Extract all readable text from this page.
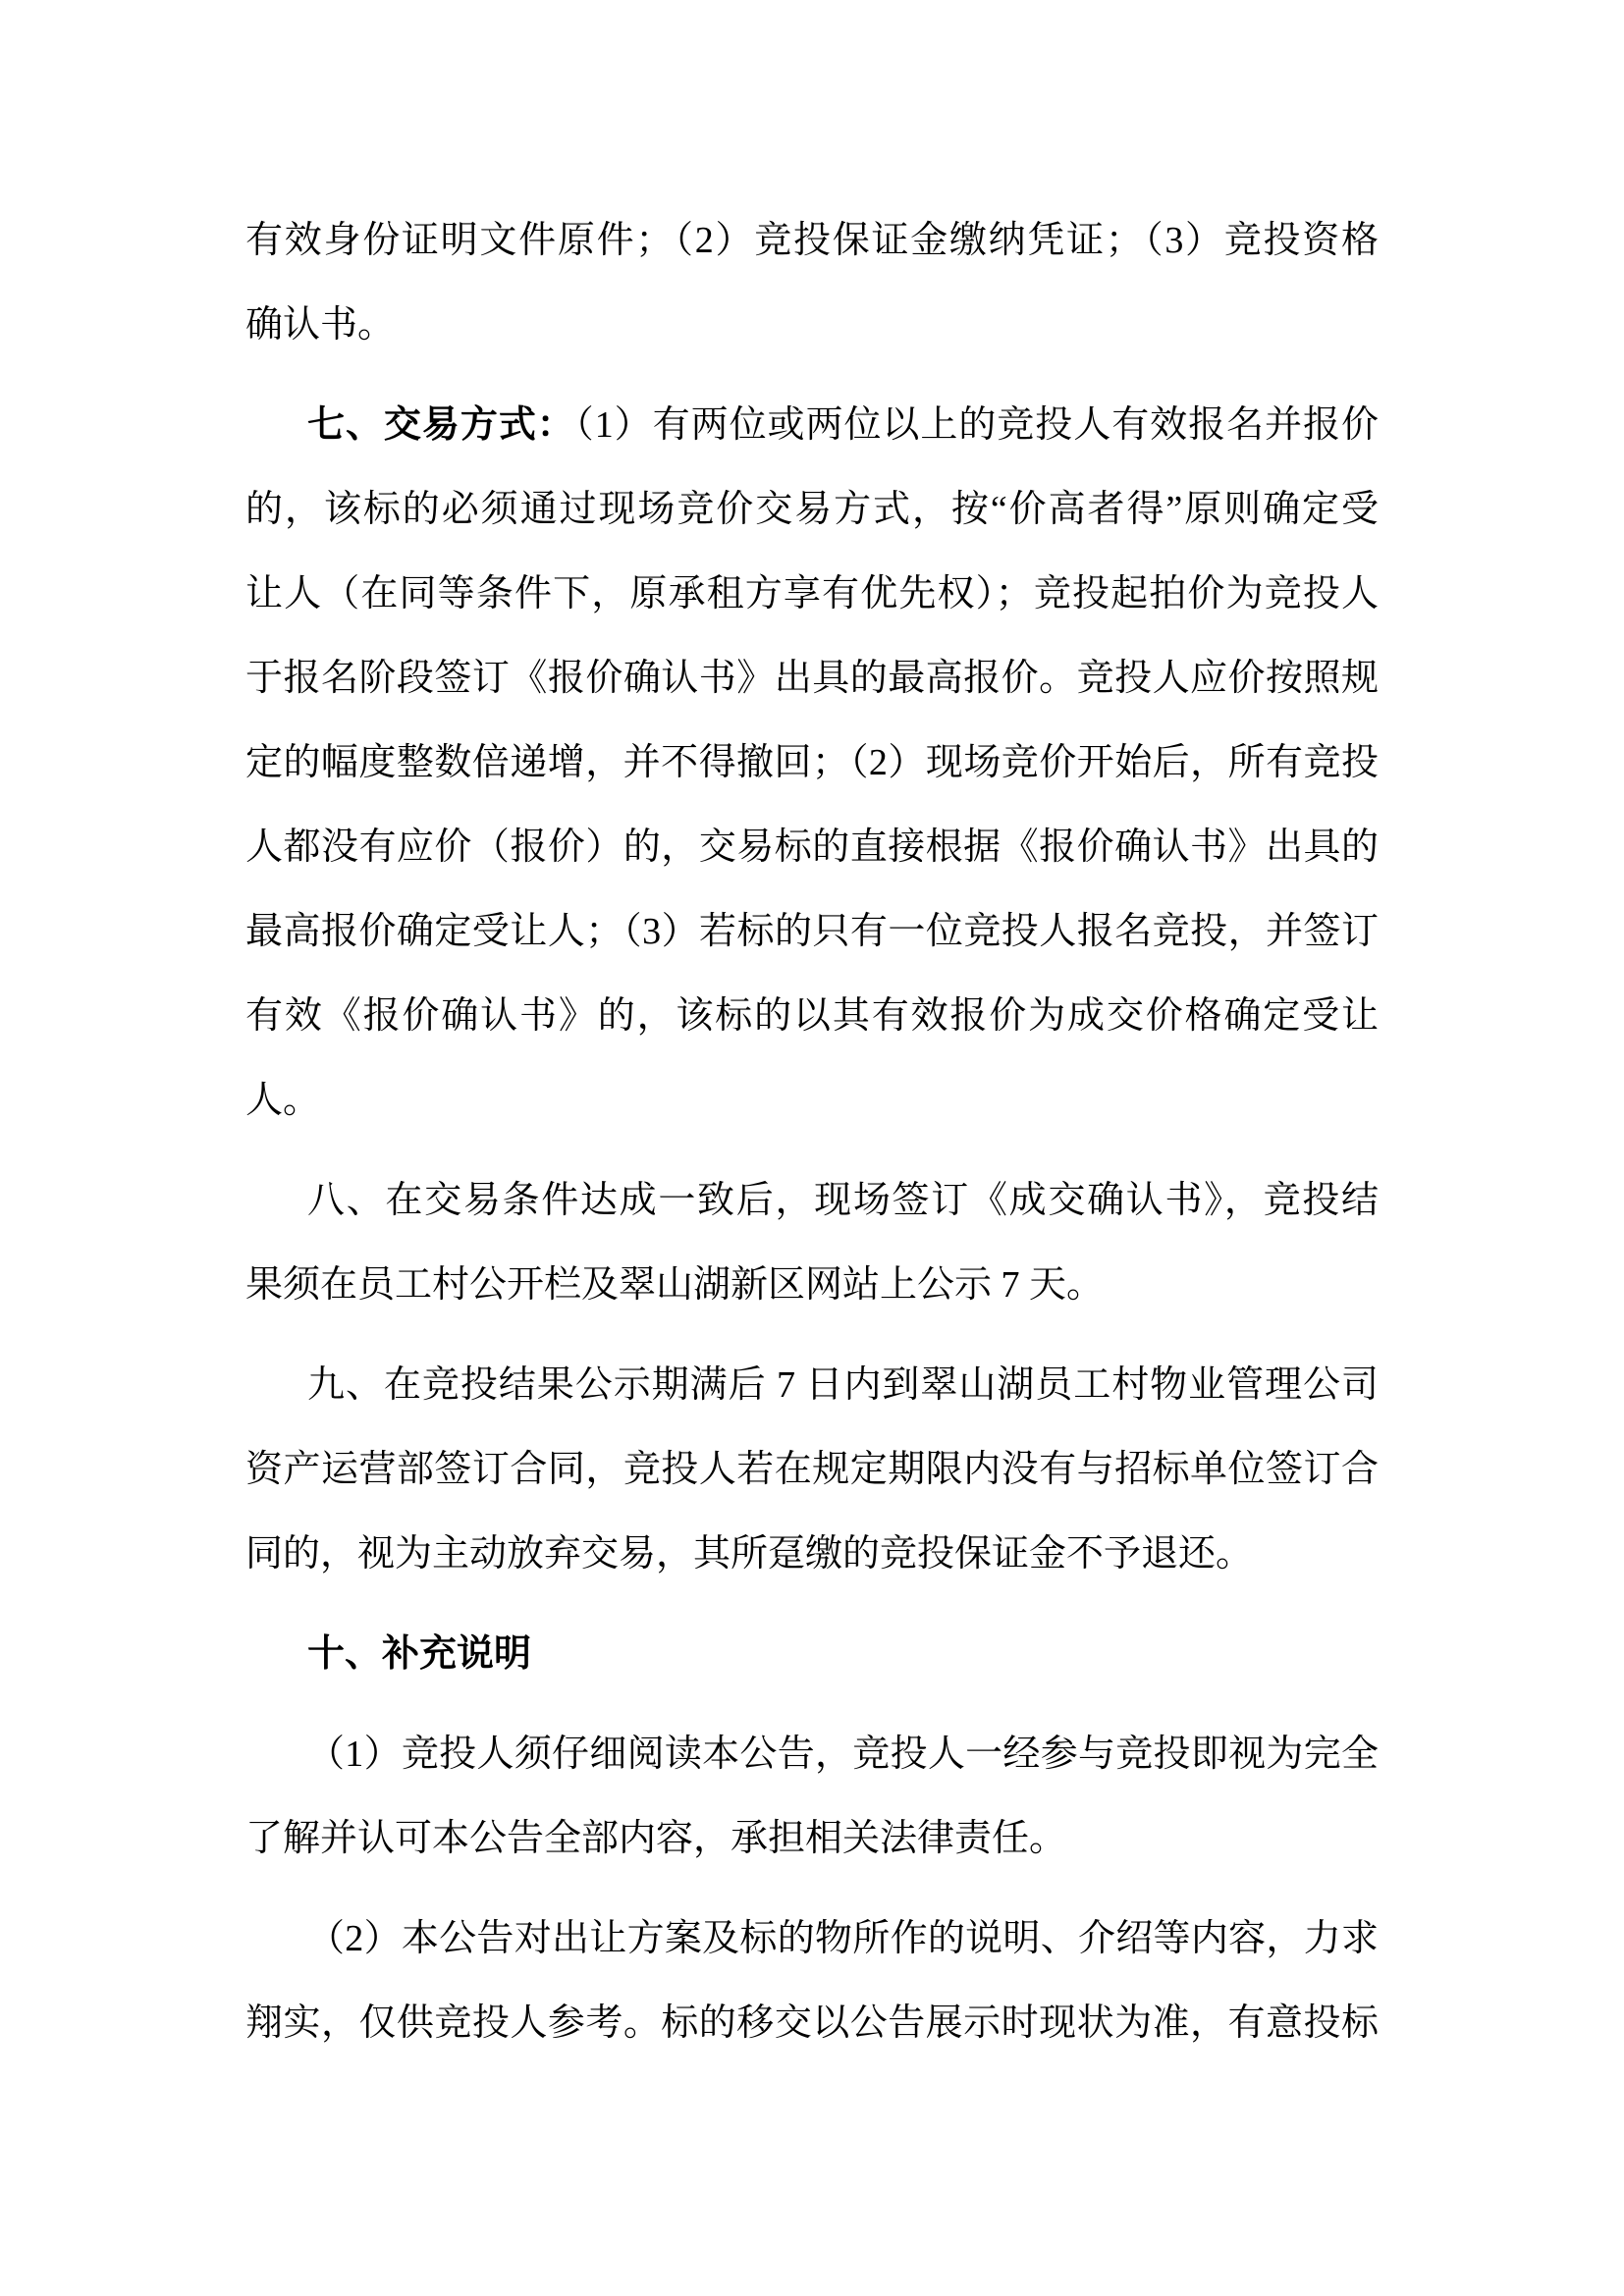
有效身份证明文件原件；（2）竞投保证金缴纳凭证；（3）竞投资格
确认书。
七、交易方式：（1）有两位或两位以上的竞投人有效报名并报价
的，该标的必须通过现场竞价交易方式，按“价高者得”原则确定受
让人（在同等条件下，原承租方享有优先权）；竞投起拍价为竞投人
于报名阶段签订《报价确认书》出具的最高报价。竞投人应价按照规
定的幅度整数倍递增，并不得撤回；（2）现场竞价开始后，所有竞投
人都没有应价（报价）的，交易标的直接根据《报价确认书》出具的
最高报价确定受让人；（3）若标的只有一位竞投人报名竞投，并签订
有效《报价确认书》的，该标的以其有效报价为成交价格确定受让
人。
八、在交易条件达成一致后，现场签订《成交确认书》，竞投结
果须在员工村公开栏及翠山湖新区网站上公示 7 天。
九、在竞投结果公示期满后 7 日内到翠山湖员工村物业管理公司
资产运营部签订合同，竞投人若在规定期限内没有与招标单位签订合
同的，视为主动放弃交易，其所趸缴的竞投保证金不予退还。
十、补充说明
（1）竞投人须仔细阅读本公告，竞投人一经参与竞投即视为完全
了解并认可本公告全部内容，承担相关法律责任。
（2）本公告对出让方案及标的物所作的说明、介绍等内容，力求
翔实，仅供竞投人参考。标的移交以公告展示时现状为准，有意投标
